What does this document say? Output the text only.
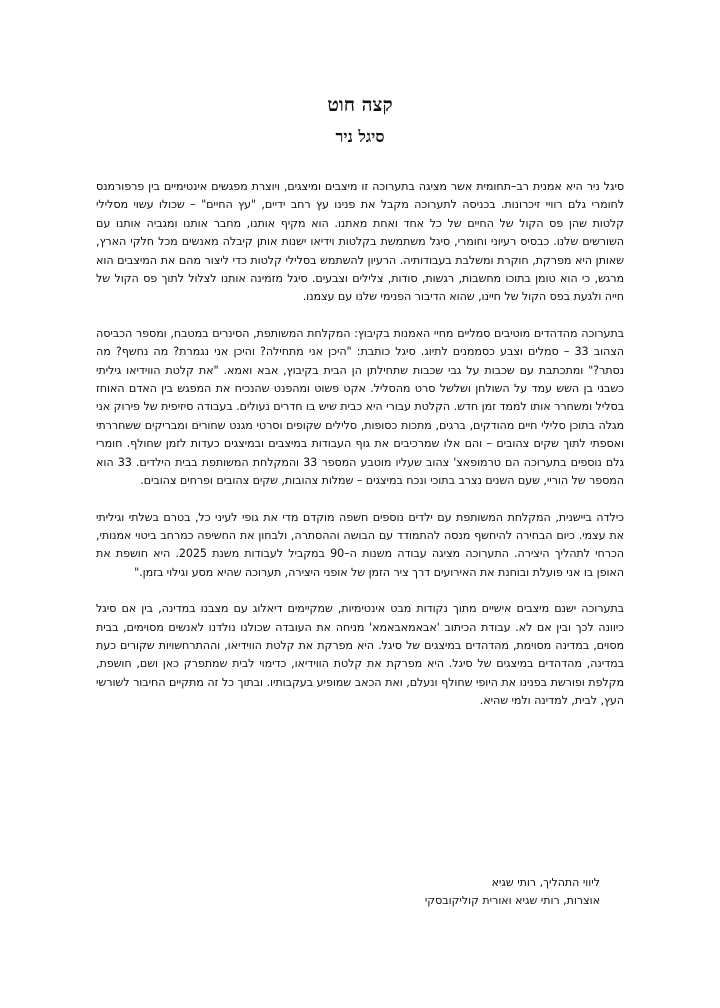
קצה חוט
סיגל ניר

סיגל ניר היא אמנית רב–תחומית אשר מציגה בתערוכה זו מיצבים ומיצגים, ויוצרת מפגשים אינטימיים בין פרפורמנס לחומרי גלם רוויי זיכרונות. בכניסה לתערוכה מקבל את פנינו עץ רחב ידיים, "עץ החיים" – שכולו עשוי מסלילי קלטות שהן פס הקול של החיים של כל אחד ואחת מאתנו. הוא מקיף אותנו, מחבר אותנו ומגביה אותנו עם השורשים שלנו. כבסיס רעיוני וחומרי, סיגל משתמשת בקלטות וידיאו ישנות אותן קיבלה מאנשים מכל חלקי הארץ, שאותן היא מפרקת, חוקרת ומשלבת בעבודותיה. הרעיון להשתמש בסלילי קלטות כדי ליצור מהם את המיצבים הוא מרגש, כי הוא טומן בתוכו מחשבות, רגשות, סודות, צלילים וצבעים. סיגל מזמינה אותנו לצלול לתוך פס הקול של חייה ולגעת בפס הקול של חיינו, שהוא הדיבור הפנימי שלנו עם עצמנו.

בתערוכה מהדהדים מוטיבים סמליים מחיי האמנות בקיבוץ: המקלחת המשותפת, הסינרים במטבח, ומספר הכביסה הצהוב 33 – סמלים וצבע כסממנים לתיוג. סיגל כותבת: "היכן אני מתחילה? והיכן אני נגמרת? מה נחשף? מה נסתר?" ומתכתבת עם שכבות על גבי שכבות שתחילתן הן הבית בקיבוץ, אבא ואמא. "את קלטת הווידיאו גיליתי כשבני בן השש עמד על השולחן ושלשל סרט מהסליל. אקט פשוט ומהפנט שהנכיח את המפגש בין האדם האוחז בסליל ומשחרר אותו לממד זמן חדש. הקלטת עבורי היא כבית שיש בו חדרים נעולים. בעבודה סיזיפית של פירוק אני מגלה בתוכן סלילי חיים מהודקים, ברגים, מתכות כסופות, סלילים שקופים וסרטי מגנט שחורים ומבריקים ששחררתי ואספתי לתוך שקים צהובים – והם אלו שמרכיבים את גוף העבודות במיצבים ובמיצגים כעדות לזמן שחולף. חומרי גלם נוספים בתערוכה הם טרמופאצ' צהוב שעליו מוטבע המספר 33 והמקלחת המשותפת בבית הילדים. 33 הוא המספר של הוריי, שעם השנים נצרב בתוכי ונכח במיצגים – שמלות צהובות, שקים צהובים ופרחים צהובים.

כילדה ביישנית, המקלחת המשותפת עם ילדים נוספים חשפה מוקדם מדי את גופי לעיני כל, בטרם בשלתי וגיליתי את עצמי. כיום הבחירה להיחשף מנסה להתמודד עם הבושה וההסתרה, ולבחון את החשיפה כמרחב ביטוי אמנותי, הכרחי לתהליך היצירה. התערוכה מציגה עבודה משנות ה–90 במקביל לעבודות משנת 2025. היא חושפת את האופן בו אני פועלת ובוחנת את האירועים דרך ציר הזמן של אופני היצירה, תערוכה שהיא מסע וגילוי בזמן."

בתערוכה ישנם מיצבים אישיים מתוך נקודות מבט אינטימיות, שמקיימים דיאלוג עם מצבנו במדינה, בין אם סיגל כיוונה לכך ובין אם לא. עבודת הכיתוב 'אבאמאבאמא' מניחה את העובדה שכולנו נולדנו לאנשים מסוימים, בבית מסוים, במדינה מסוימת, מהדהדים במיצגים של סיגל. היא מפרקת את קלטת הווידיאו, וההתרחשויות שקורים כעת במדינה, מהדהדים במיצגים של סיגל. היא מפרקת את קלטת הווידיאו, כדימוי לבית שמתפרק כאן ושם, חושפת, מקלפת ופורשת בפנינו את היופי שחולף ונעלם, ואת הכאב שמופיע בעקבותיו. ובתוך כל זה מתקיים החיבור לשורשי העץ, לבית, למדינה ולמי שהיא.

ליווי התהליך, רותי שגיא

אוצרות, רותי שגיא ואורית קוליקובסקי
